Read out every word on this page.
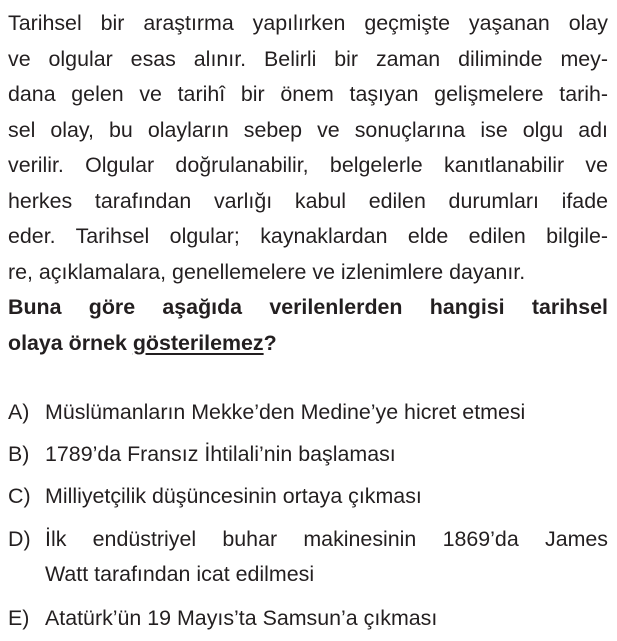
Tarihsel bir araştırma yapılırken geçmişte yaşanan olay
ve olgular esas alınır. Belirli bir zaman diliminde mey-
dana gelen ve tarihî bir önem taşıyan gelişmelere tarih-
sel olay, bu olayların sebep ve sonuçlarına ise olgu adı
verilir. Olgular doğrulanabilir, belgelerle kanıtlanabilir ve
herkes tarafından varlığı kabul edilen durumları ifade
eder. Tarihsel olgular; kaynaklardan elde edilen bilgile-
re, açıklamalara, genellemelere ve izlenimlere dayanır.

Buna göre aşağıda verilenlerden hangisi tarihsel
olaya örnek gösterilemez?

A) Müslümanların Mekke’den Medine’ye hicret etmesi
B) 1789’da Fransız İhtilali’nin başlaması
C) Milliyetçilik düşüncesinin ortaya çıkması
D) İlk endüstriyel buhar makinesinin 1869’da James
Watt tarafından icat edilmesi
E) Atatürk’ün 19 Mayıs’ta Samsun’a çıkması
